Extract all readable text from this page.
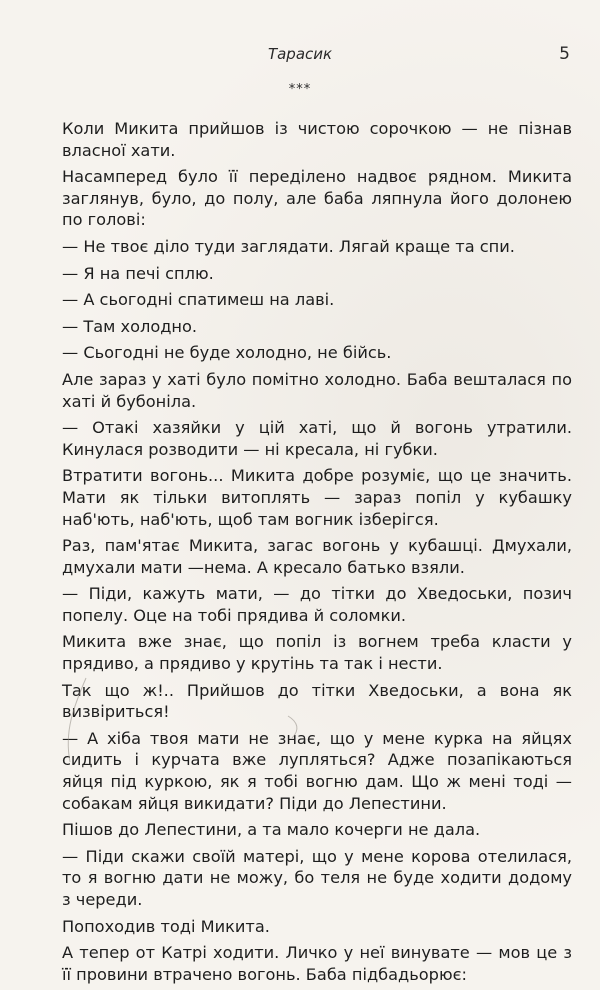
Тарасик	5
***

Коли Микита прийшов із чистою сорочкою — не пізнав власної хати.

Насамперед було її переділено надвоє рядном. Микита заглянув, було, до полу, але баба ляпнула його долонею по голові:

— Не твоє діло туди заглядати. Лягай краще та спи.

— Я на печі сплю.

— А сьогодні спатимеш на лаві.

— Там холодно.

— Сьогодні не буде холодно, не бійсь.

Але зараз у хаті було помітно холодно. Баба вешталася по хаті й бубоніла.

— Отакі хазяйки у цій хаті, що й вогонь утратили. Кинулася розводити — ні кресала, ні губки.

Втратити вогонь... Микита добре розуміє, що це значить. Мати як тільки витоплять — зараз попіл у кубашку наб'ють, наб'ють, щоб там вогник ізберігся.

Раз, пам'ятає Микита, загас вогонь у кубашці. Дмухали, дмухали мати —нема. А кресало батько взяли.

— Піди, кажуть мати, — до тітки до Хведоськи, позич попелу. Оце на тобі прядива й соломки.

Микита вже знає, що попіл із вогнем треба класти у прядиво, а прядиво у крутінь та так і нести.

Так що ж!.. Прийшов до тітки Хведоськи, а вона як визвіриться!

— А хіба твоя мати не знає, що у мене курка на яйцях сидить і курчата вже лупляться? Адже позапікаються яйця під куркою, як я тобі вогню дам. Що ж мені тоді — собакам яйця викидати? Піди до Лепестини.

Пішов до Лепестини, а та мало кочерги не дала.

— Піди скажи своїй матері, що у мене корова отелилася, то я вогню дати не можу, бо теля не буде ходити додому з череди.

Попоходив тоді Микита.

А тепер от Катрі ходити. Личко у неї винувате — мов це з її провини втрачено вогонь. Баба підбадьорює:
